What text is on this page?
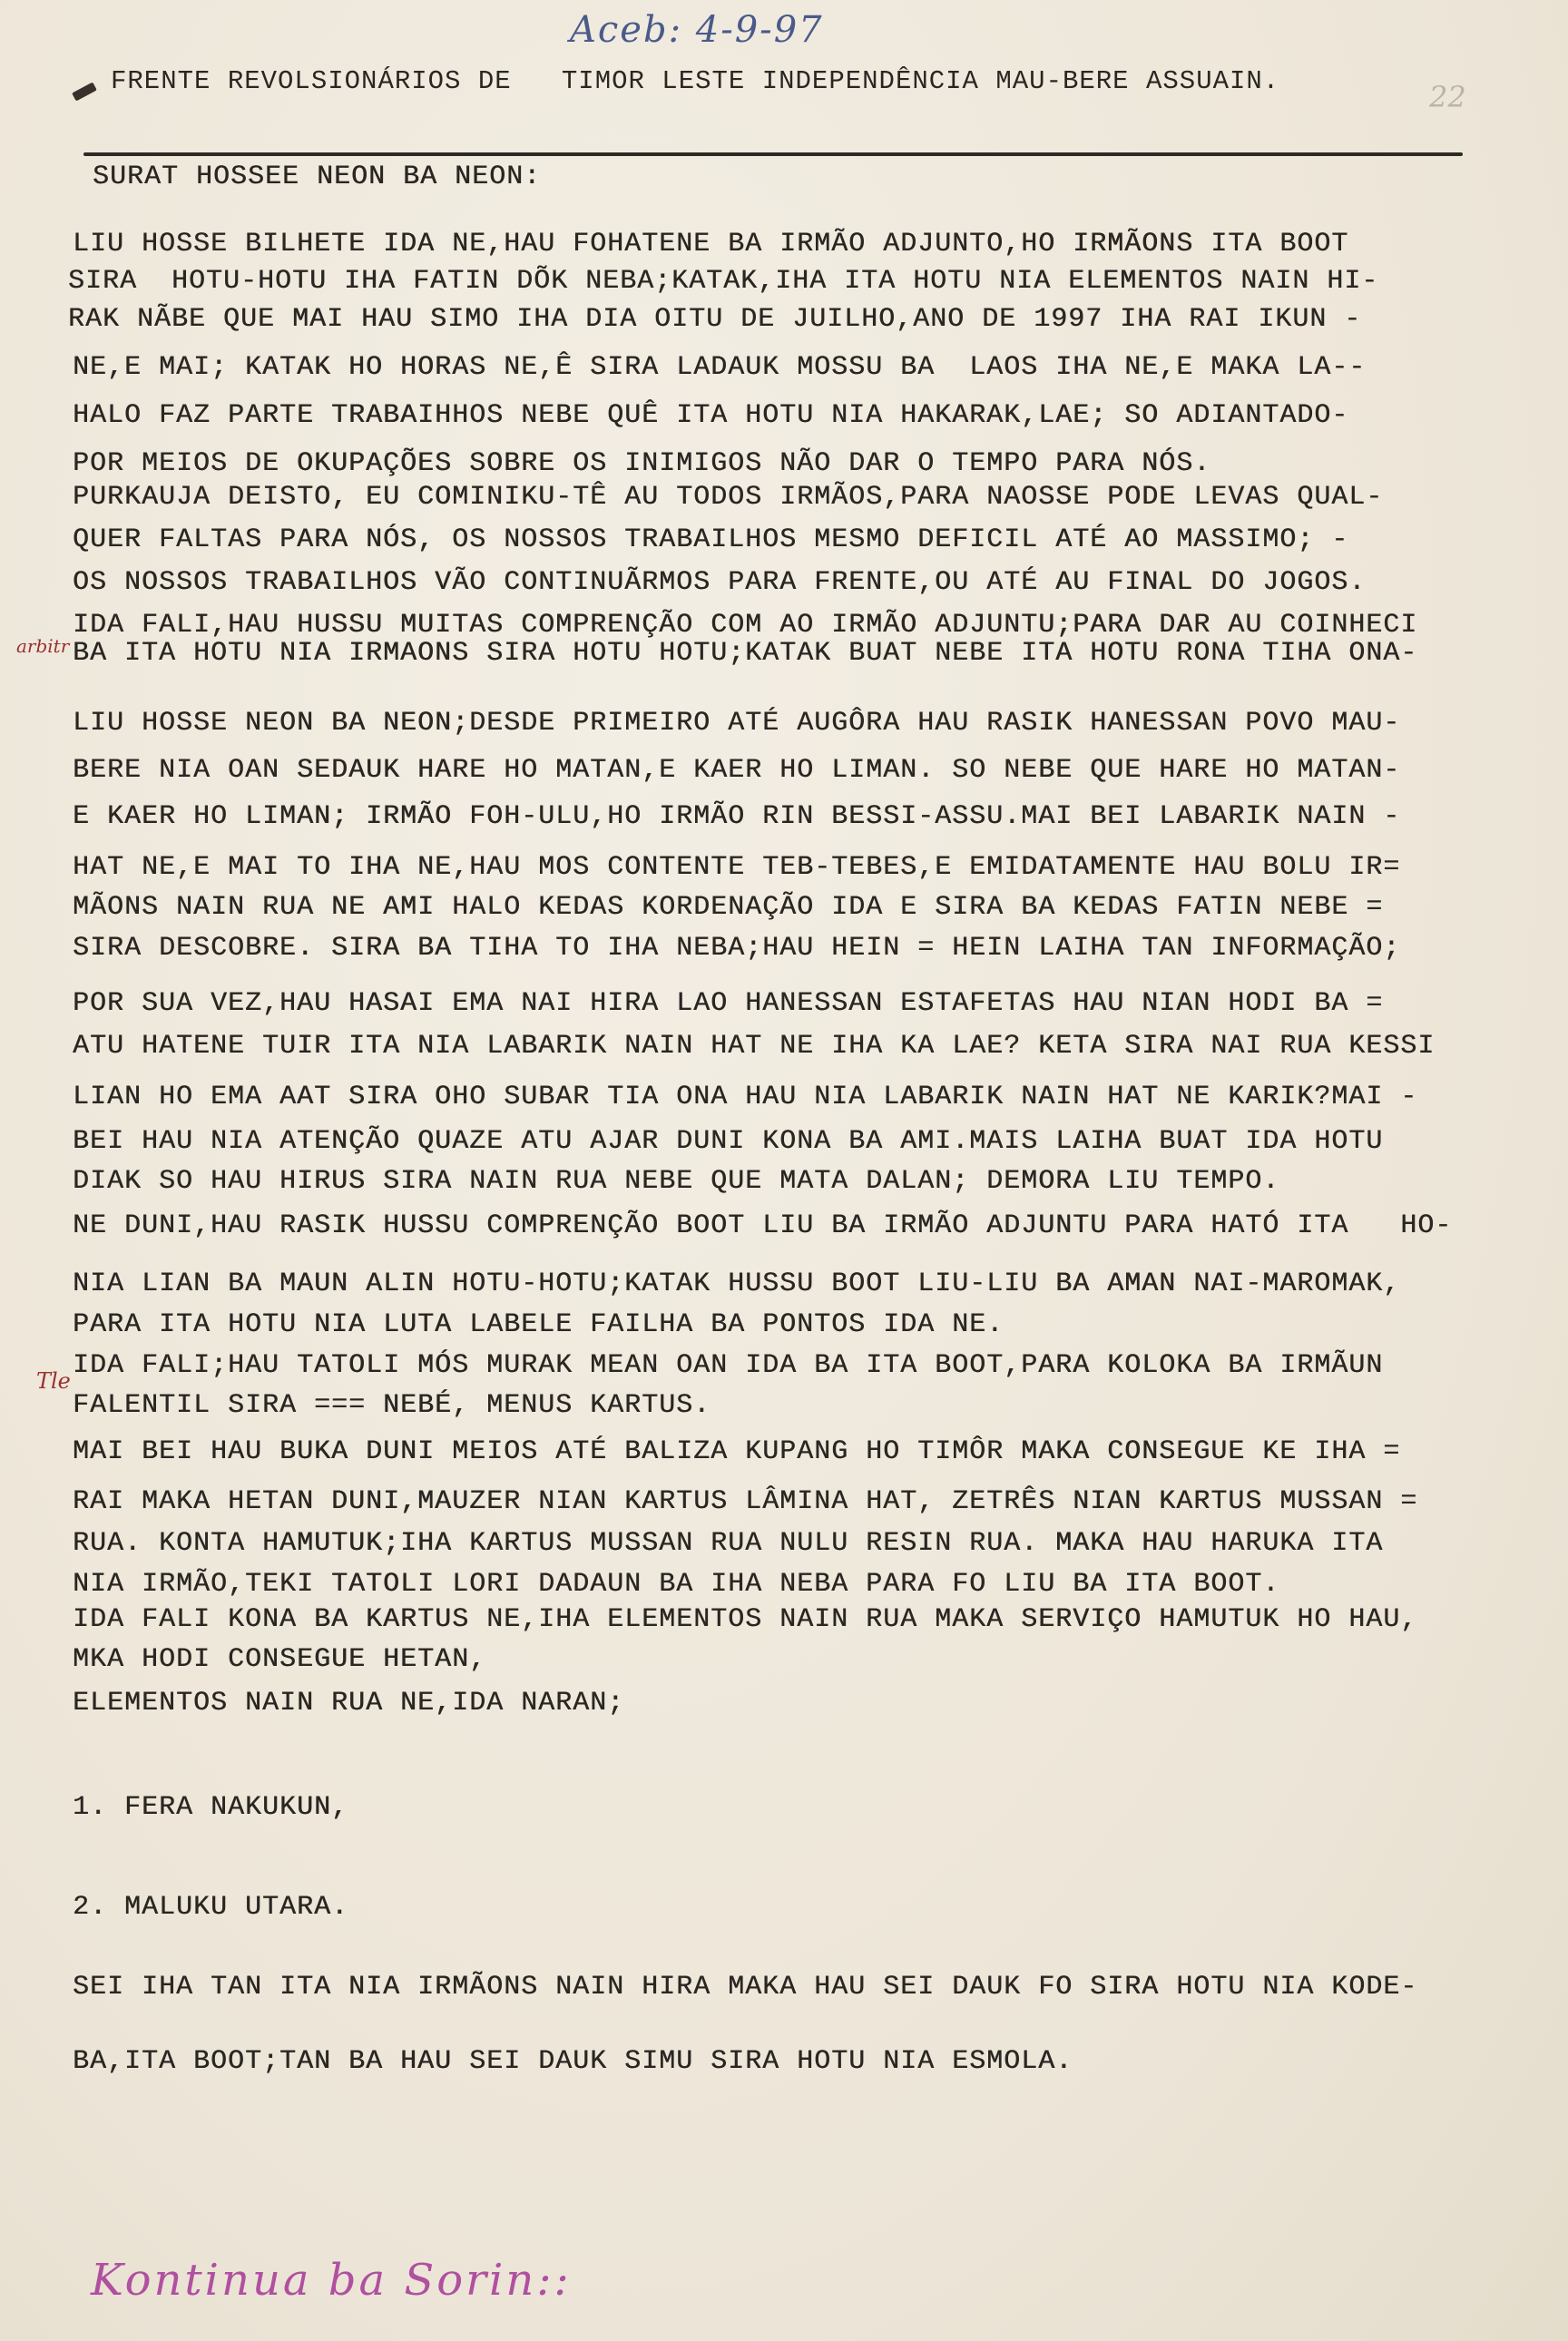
Aceb: 4-9-97
22
FRENTE REVOLSIONÁRIOS DE TIMOR LESTE INDEPENDÊNCIA MAU-BERE ASSUAIN.
SURAT HOSSEE NEON BA NEON:
LIU HOSSE BILHETE IDA NE,HAU FOHATENE BA IRMÃO ADJUNTO,HO IRMÃONS ITA BOOT
SIRA  HOTU-HOTU IHA FATIN DÕK NEBA;KATAK,IHA ITA HOTU NIA ELEMENTOS NAIN HI-
RAK NÃBE QUE MAI HAU SIMO IHA DIA OITU DE JUILHO,ANO DE 1997 IHA RAI IKUN -
NE,E MAI; KATAK HO HORAS NE,Ê SIRA LADAUK MOSSU BA  LAOS IHA NE,E MAKA LA--
HALO FAZ PARTE TRABAIHHOS NEBE QUÊ ITA HOTU NIA HAKARAK,LAE; SO ADIANTADO-
POR MEIOS DE OKUPAÇÕES SOBRE OS INIMIGOS NÃO DAR O TEMPO PARA NÓS.
PURKAUJA DEISTO, EU COMINIKU-TÊ AU TODOS IRMÃOS,PARA NAOSSE PODE LEVAS QUAL-
QUER FALTAS PARA NÓS, OS NOSSOS TRABAILHOS MESMO DEFICIL ATÉ AO MASSIMO; -
OS NOSSOS TRABAILHOS VÃO CONTINUÃRMOS PARA FRENTE,OU ATÉ AU FINAL DO JOGOS.
IDA FALI,HAU HUSSU MUITAS COMPRENÇÃO COM AO IRMÃO ADJUNTU;PARA DAR AU COINHECI
BA ITA HOTU NIA IRMAONS SIRA HOTU HOTU;KATAK BUAT NEBE ITA HOTU RONA TIHA ONA-
LIU HOSSE NEON BA NEON;DESDE PRIMEIRO ATÉ AUGÔRA HAU RASIK HANESSAN POVO MAU-
BERE NIA OAN SEDAUK HARE HO MATAN,E KAER HO LIMAN. SO NEBE QUE HARE HO MATAN-
E KAER HO LIMAN; IRMÃO FOH-ULU,HO IRMÃO RIN BESSI-ASSU.MAI BEI LABARIK NAIN -
HAT NE,E MAI TO IHA NE,HAU MOS CONTENTE TEB-TEBES,E EMIDATAMENTE HAU BOLU IR=
MÃONS NAIN RUA NE AMI HALO KEDAS KORDENAÇÃO IDA E SIRA BA KEDAS FATIN NEBE =
SIRA DESCOBRE. SIRA BA TIHA TO IHA NEBA;HAU HEIN = HEIN LAIHA TAN INFORMAÇÃO;
POR SUA VEZ,HAU HASAI EMA NAI HIRA LAO HANESSAN ESTAFETAS HAU NIAN HODI BA =
ATU HATENE TUIR ITA NIA LABARIK NAIN HAT NE IHA KA LAE? KETA SIRA NAI RUA KESSI
LIAN HO EMA AAT SIRA OHO SUBAR TIA ONA HAU NIA LABARIK NAIN HAT NE KARIK?MAI -
BEI HAU NIA ATENÇÃO QUAZE ATU AJAR DUNI KONA BA AMI.MAIS LAIHA BUAT IDA HOTU
DIAK SO HAU HIRUS SIRA NAIN RUA NEBE QUE MATA DALAN; DEMORA LIU TEMPO.
NE DUNI,HAU RASIK HUSSU COMPRENÇÃO BOOT LIU BA IRMÃO ADJUNTU PARA HATÓ ITA   HO-
NIA LIAN BA MAUN ALIN HOTU-HOTU;KATAK HUSSU BOOT LIU-LIU BA AMAN NAI-MAROMAK,
PARA ITA HOTU NIA LUTA LABELE FAILHA BA PONTOS IDA NE.
IDA FALI;HAU TATOLI MÓS MURAK MEAN OAN IDA BA ITA BOOT,PARA KOLOKA BA IRMÃUN
FALENTIL SIRA === NEBÉ, MENUS KARTUS.
MAI BEI HAU BUKA DUNI MEIOS ATÉ BALIZA KUPANG HO TIMÔR MAKA CONSEGUE KE IHA =
RAI MAKA HETAN DUNI,MAUZER NIAN KARTUS LÂMINA HAT, ZETRÊS NIAN KARTUS MUSSAN =
RUA. KONTA HAMUTUK;IHA KARTUS MUSSAN RUA NULU RESIN RUA. MAKA HAU HARUKA ITA
NIA IRMÃO,TEKI TATOLI LORI DADAUN BA IHA NEBA PARA FO LIU BA ITA BOOT.
IDA FALI KONA BA KARTUS NE,IHA ELEMENTOS NAIN RUA MAKA SERVIÇO HAMUTUK HO HAU,
MKA HODI CONSEGUE HETAN,
ELEMENTOS NAIN RUA NE,IDA NARAN;
1. FERA NAKUKUN,
2. MALUKU UTARA.
SEI IHA TAN ITA NIA IRMÃONS NAIN HIRA MAKA HAU SEI DAUK FO SIRA HOTU NIA KODE-
BA,ITA BOOT;TAN BA HAU SEI DAUK SIMU SIRA HOTU NIA ESMOLA.
arbitr
Tle
Kontinua ba Sorin::
